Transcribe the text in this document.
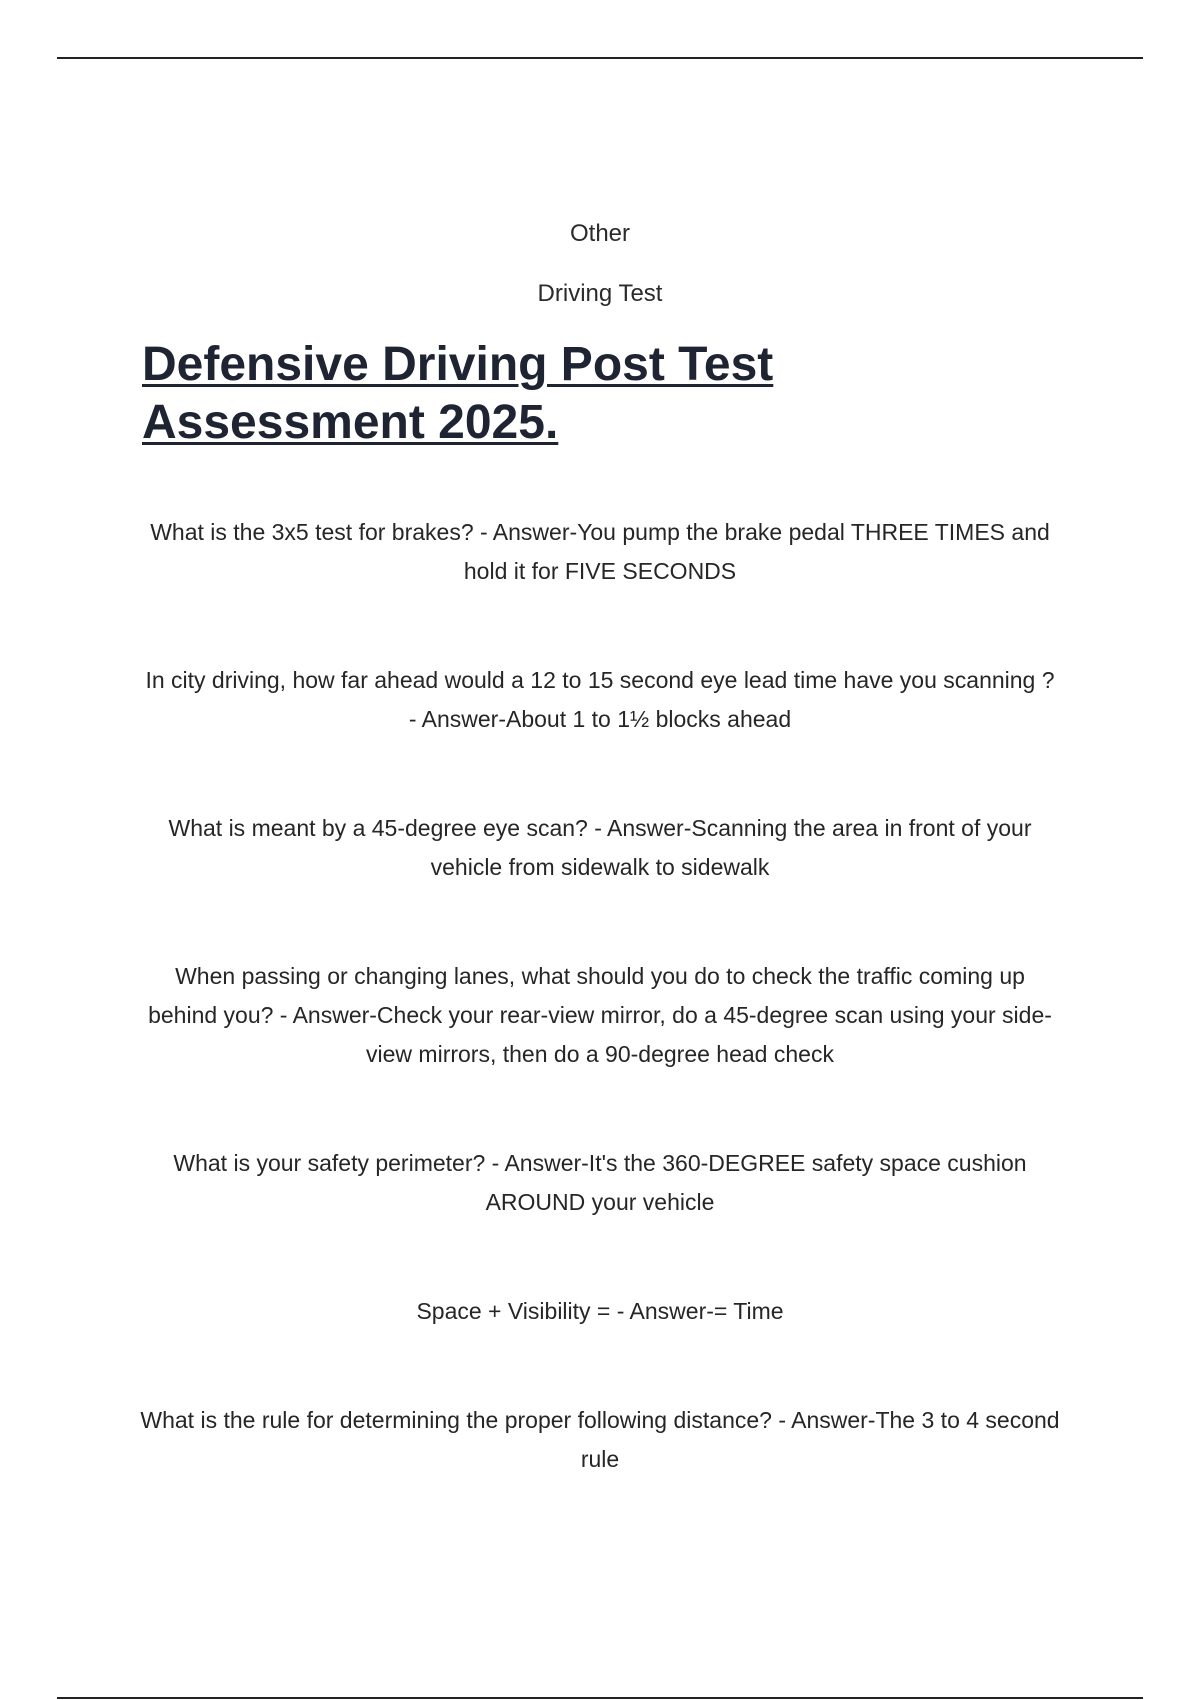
Other
Driving Test
Defensive Driving Post Test Assessment 2025.

What is the 3x5 test for brakes? - Answer-You pump the brake pedal THREE TIMES and hold it for FIVE SECONDS

In city driving, how far ahead would a 12 to 15 second eye lead time have you scanning ? - Answer-About 1 to 1½ blocks ahead

What is meant by a 45-degree eye scan? - Answer-Scanning the area in front of your vehicle from sidewalk to sidewalk

When passing or changing lanes, what should you do to check the traffic coming up behind you? - Answer-Check your rear-view mirror, do a 45-degree scan using your side-view mirrors, then do a 90-degree head check

What is your safety perimeter? - Answer-It's the 360-DEGREE safety space cushion AROUND your vehicle

Space + Visibility = - Answer-= Time

What is the rule for determining the proper following distance? - Answer-The 3 to 4 second rule
